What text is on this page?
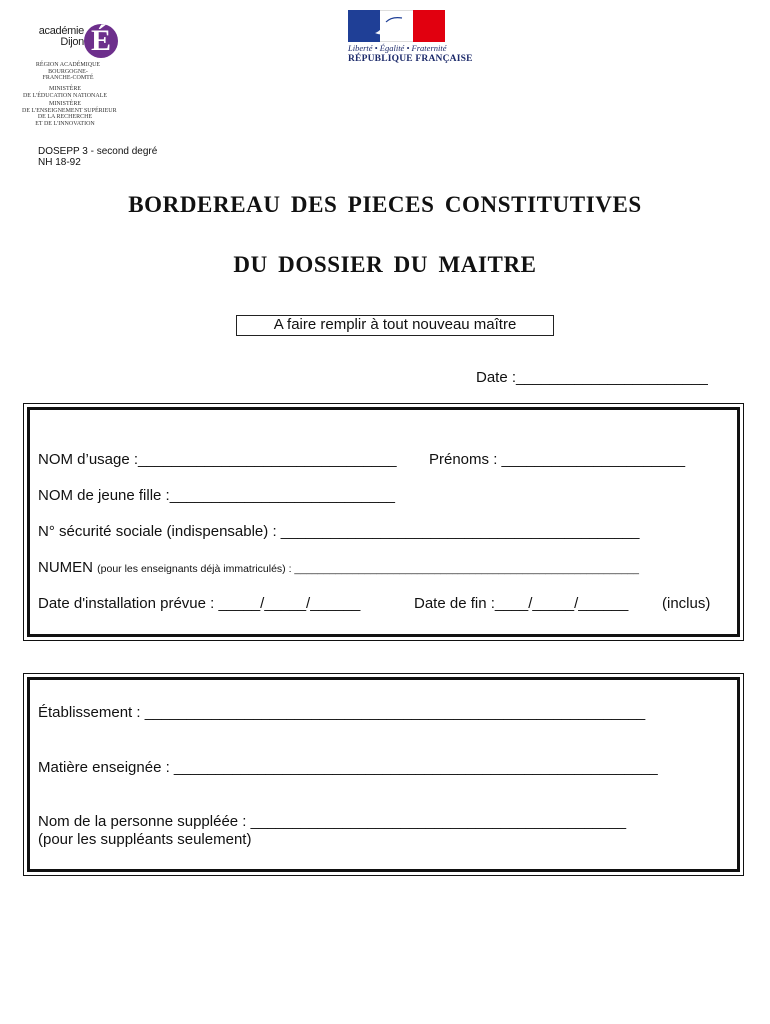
académie
Dijon É
RÉGION ACADÉMIQUE
BOURGOGNE-
FRANCHE-COMTÉ
MINISTÈRE
DE L'ÉDUCATION NATIONALE
MINISTÈRE
DE L'ENSEIGNEMENT SUPÉRIEUR
DE LA RECHERCHE
ET DE L'INNOVATION
Liberté • Égalité • Fraternité
RÉPUBLIQUE FRANÇAISE
DOSEPP 3 - second degré
NH 18-92
BORDEREAU DES PIECES CONSTITUTIVES
DU DOSSIER DU MAITRE
A faire remplir à tout nouveau maître
Date :_______________________
NOM d’usage :_______________________________ Prénoms : ______________________
NOM de jeune fille :___________________________
N° sécurité sociale (indispensable) : ___________________________________________
NUMEN (pour les enseignants déjà immatriculés) : ___________________________________________________________
Date d'installation prévue : _____/_____/______	Date de fin :____/_____/______ (inclus)
Établissement : ____________________________________________________________
Matière enseignée : __________________________________________________________
Nom de la personne suppléée : _____________________________________________
(pour les suppléants seulement)
